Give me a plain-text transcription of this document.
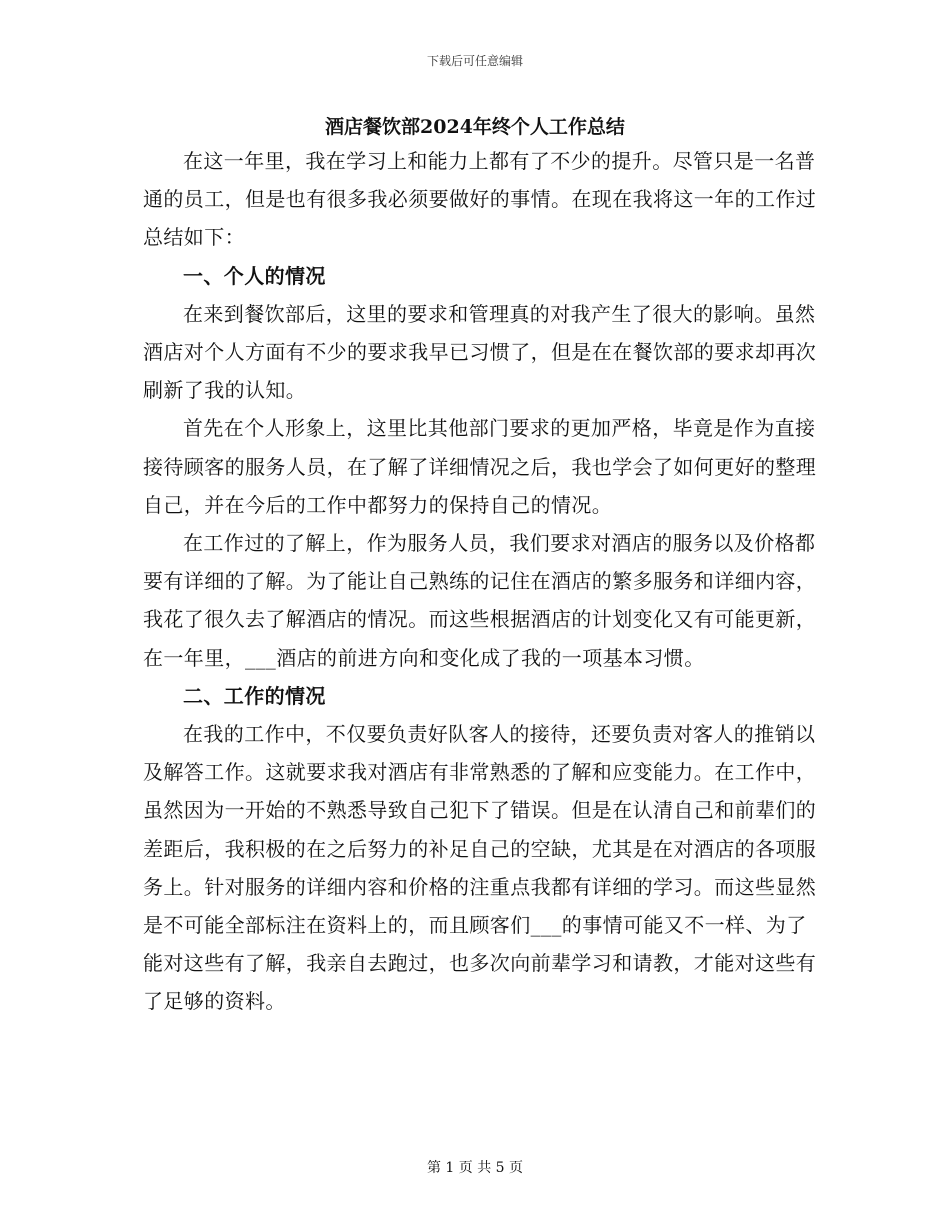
下载后可任意编辑
酒店餐饮部2024年终个人工作总结

在这一年里，我在学习上和能力上都有了不少的提升。尽管只是一名普通的员工，但是也有很多我必须要做好的事情。在现在我将这一年的工作过总结如下：

一、个人的情况

在来到餐饮部后，这里的要求和管理真的对我产生了很大的影响。虽然酒店对个人方面有不少的要求我早已习惯了，但是在在餐饮部的要求却再次刷新了我的认知。

首先在个人形象上，这里比其他部门要求的更加严格，毕竟是作为直接接待顾客的服务人员，在了解了详细情况之后，我也学会了如何更好的整理自己，并在今后的工作中都努力的保持自己的情况。

在工作过的了解上，作为服务人员，我们要求对酒店的服务以及价格都要有详细的了解。为了能让自己熟练的记住在酒店的繁多服务和详细内容，我花了很久去了解酒店的情况。而这些根据酒店的计划变化又有可能更新，在一年里，___酒店的前进方向和变化成了我的一项基本习惯。

二、工作的情况

在我的工作中，不仅要负责好队客人的接待，还要负责对客人的推销以及解答工作。这就要求我对酒店有非常熟悉的了解和应变能力。在工作中，虽然因为一开始的不熟悉导致自己犯下了错误。但是在认清自己和前辈们的差距后，我积极的在之后努力的补足自己的空缺，尤其是在对酒店的各项服务上。针对服务的详细内容和价格的注重点我都有详细的学习。而这些显然是不可能全部标注在资料上的，而且顾客们___的事情可能又不一样、为了能对这些有了解，我亲自去跑过，也多次向前辈学习和请教，才能对这些有了足够的资料。

第 1 页 共 5 页
